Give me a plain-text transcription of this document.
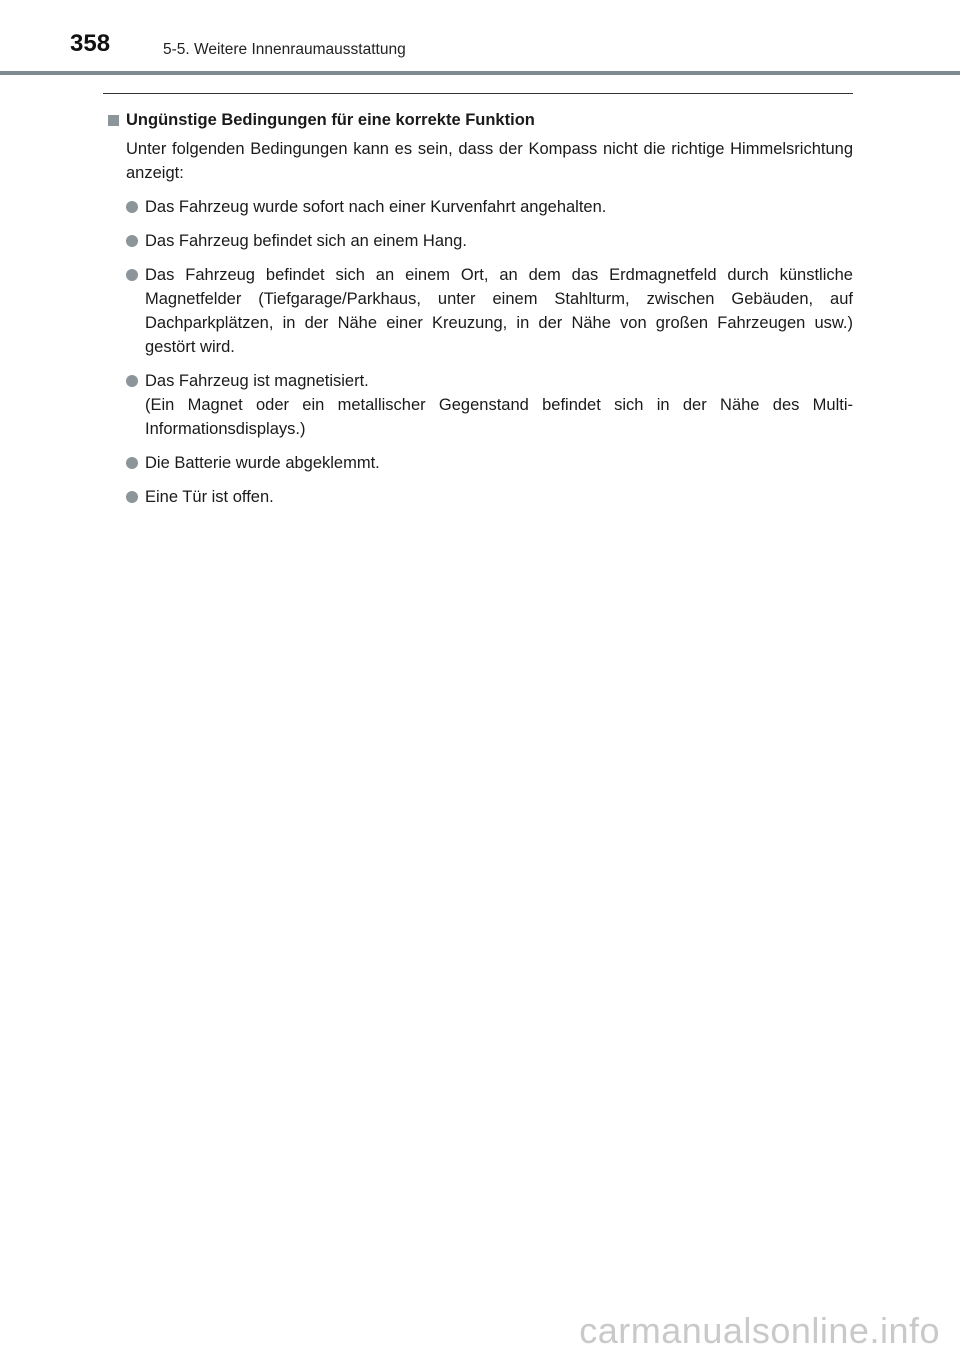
358	5-5. Weitere Innenraumausstattung
Ungünstige Bedingungen für eine korrekte Funktion
Unter folgenden Bedingungen kann es sein, dass der Kompass nicht die richtige Himmelsrichtung anzeigt:
Das Fahrzeug wurde sofort nach einer Kurvenfahrt angehalten.
Das Fahrzeug befindet sich an einem Hang.
Das Fahrzeug befindet sich an einem Ort, an dem das Erdmagnetfeld durch künstliche Magnetfelder (Tiefgarage/Parkhaus, unter einem Stahlturm, zwischen Gebäuden, auf Dachparkplätzen, in der Nähe einer Kreuzung, in der Nähe von großen Fahrzeugen usw.) gestört wird.
Das Fahrzeug ist magnetisiert.
(Ein Magnet oder ein metallischer Gegenstand befindet sich in der Nähe des MultiInformationsdisplays.)
Die Batterie wurde abgeklemmt.
Eine Tür ist offen.
carmanualsonline.info
